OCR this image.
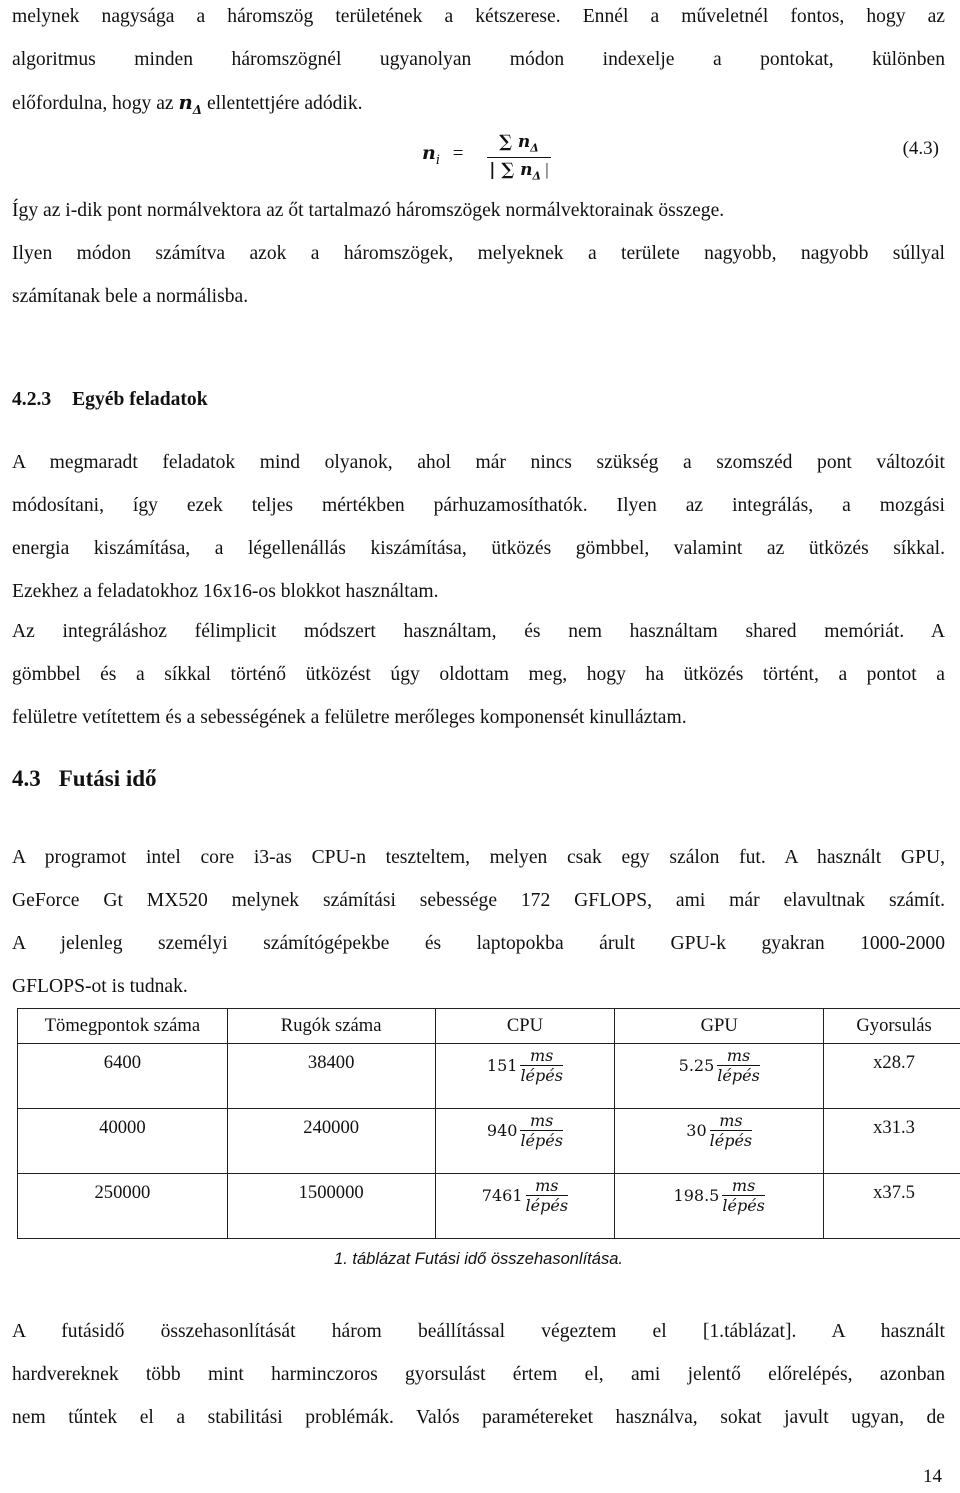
melynek nagysága a háromszög területének a kétszerese. Ennél a műveletnél fontos, hogy az
algoritmus minden háromszögnél ugyanolyan módon indexelje a pontokat, különben
előfordulna, hogy az 𝒏$_\Delta$ ellentettjére adódik.
𝒏$_i$ =
∑ 𝒏$_\Delta$
| ∑ 𝒏$_\Delta$ |
(4.3)
Így az i-dik pont normálvektora az őt tartalmazó háromszögek normálvektorainak összege.
Ilyen módon számítva azok a háromszögek, melyeknek a területe nagyobb, nagyobb súllyal
számítanak bele a normálisba.
4.2.3 Egyéb feladatok
A megmaradt feladatok mind olyanok, ahol már nincs szükség a szomszéd pont változóit
módosítani, így ezek teljes mértékben párhuzamosíthatók. Ilyen az integrálás, a mozgási
energia kiszámítása, a légellenállás kiszámítása, ütközés gömbbel, valamint az ütközés síkkal.
Ezekhez a feladatokhoz 16x16-os blokkot használtam.
Az integráláshoz félimplicit módszert használtam, és nem használtam shared memóriát. A
gömbbel és a síkkal történő ütközést úgy oldottam meg, hogy ha ütközés történt, a pontot a
felületre vetítettem és a sebességének a felületre merőleges komponensét kinulláztam.
4.3 Futási idő
A programot intel core i3-as CPU-n teszteltem, melyen csak egy szálon fut. A használt GPU,
GeForce Gt MX520 melynek számítási sebessége 172 GFLOPS, ami már elavultnak számít.
A jelenleg személyi számítógépekbe és laptopokba árult GPU-k gyakran 1000-2000
GFLOPS-ot is tudnak.
Tömegpontok száma	Rugók száma	CPU	GPU	Gyorsulás

6400	38400	$151 \frac{ms}{\text{lépés}}$	$5.25 \frac{ms}{\text{lépés}}$	x28.7

40000	240000	$940 \frac{ms}{\text{lépés}}$	$30 \frac{ms}{\text{lépés}}$	x31.3

250000	1500000	$7461 \frac{ms}{\text{lépés}}$	$198.5 \frac{ms}{\text{lépés}}$	x37.5
1. táblázat Futási idő összehasonlítása.
A futásidő összehasonlítását három beállítással végeztem el [1.táblázat]. A használt
hardvereknek több mint harminczoros gyorsulást értem el, ami jelentő előrelépés, azonban
nem tűntek el a stabilitási problémák. Valós paramétereket használva, sokat javult ugyan, de
14
